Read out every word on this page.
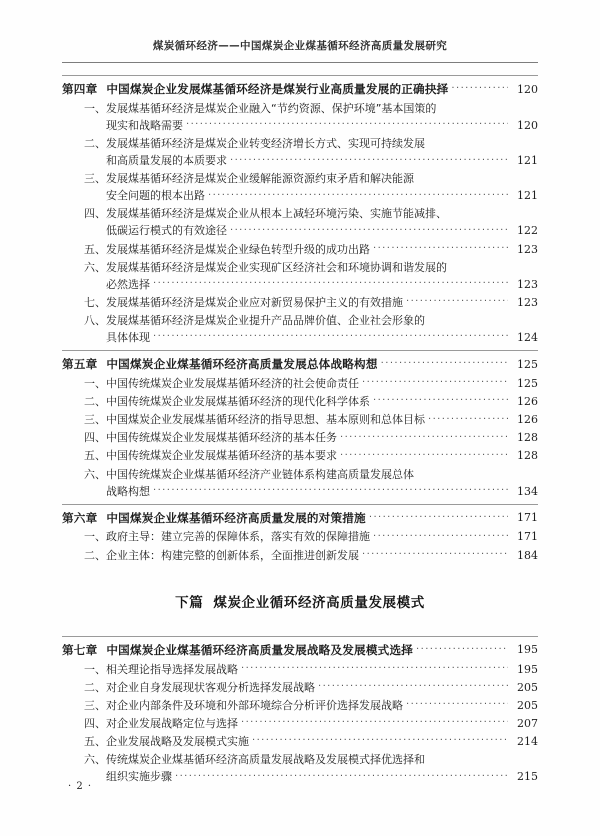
煤炭循环经济——中国煤炭企业煤基循环经济高质量发展研究
第四章 中国煤炭企业发展煤基循环经济是煤炭行业高质量发展的正确抉择 ·····	120
一、 发展煤基循环经济是煤炭企业融入“节约资源、保护环境”基本国策的
现实和战略需要 ·····	120
二、 发展煤基循环经济是煤炭企业转变经济增长方式、实现可持续发展
和高质量发展的本质要求 ·····	121
三、 发展煤基循环经济是煤炭企业缓解能源资源约束矛盾和解决能源
安全问题的根本出路 ·····	121
四、 发展煤基循环经济是煤炭企业从根本上减轻环境污染、实施节能减排、
低碳运行模式的有效途径 ·····	122
五、 发展煤基循环经济是煤炭企业绿色转型升级的成功出路 ·····	123
六、 发展煤基循环经济是煤炭企业实现矿区经济社会和环境协调和谐发展的
必然选择 ·····	123
七、 发展煤基循环经济是煤炭企业应对新贸易保护主义的有效措施 ·····	123
八、 发展煤基循环经济是煤炭企业提升产品品牌价值、企业社会形象的
具体体现 ·····	124
第五章 中国煤炭企业煤基循环经济高质量发展总体战略构想 ·····	125
一、 中国传统煤炭企业发展煤基循环经济的社会使命责任 ·····	125
二、 中国传统煤炭企业发展煤基循环经济的现代化科学体系 ·····	126
三、 中国煤炭企业发展煤基循环经济的指导思想、基本原则和总体目标 ·····	126
四、 中国传统煤炭企业发展煤基循环经济的基本任务 ·····	128
五、 中国传统煤炭企业发展煤基循环经济的基本要求 ·····	128
六、 中国传统煤炭企业煤基循环经济产业链体系构建高质量发展总体
战略构想 ·····	134
第六章 中国煤炭企业煤基循环经济高质量发展的对策措施 ·····	171
一、 政府主导：建立完善的保障体系，落实有效的保障措施 ·····	171
二、 企业主体：构建完整的创新体系，全面推进创新发展 ·····	184
下篇 煤炭企业循环经济高质量发展模式
第七章 中国煤炭企业煤基循环经济高质量发展战略及发展模式选择 ·····	195
一、 相关理论指导选择发展战略 ·····	195
二、 对企业自身发展现状客观分析选择发展战略 ·····	205
三、 对企业内部条件及环境和外部环境综合分析评价选择发展战略 ·····	205
四、 对企业发展战略定位与选择 ·····	207
五、 企业发展战略及发展模式实施 ·····	214
六、 传统煤炭企业煤基循环经济高质量发展战略及发展模式择优选择和
组织实施步骤 ·····	215
· 2 ·
